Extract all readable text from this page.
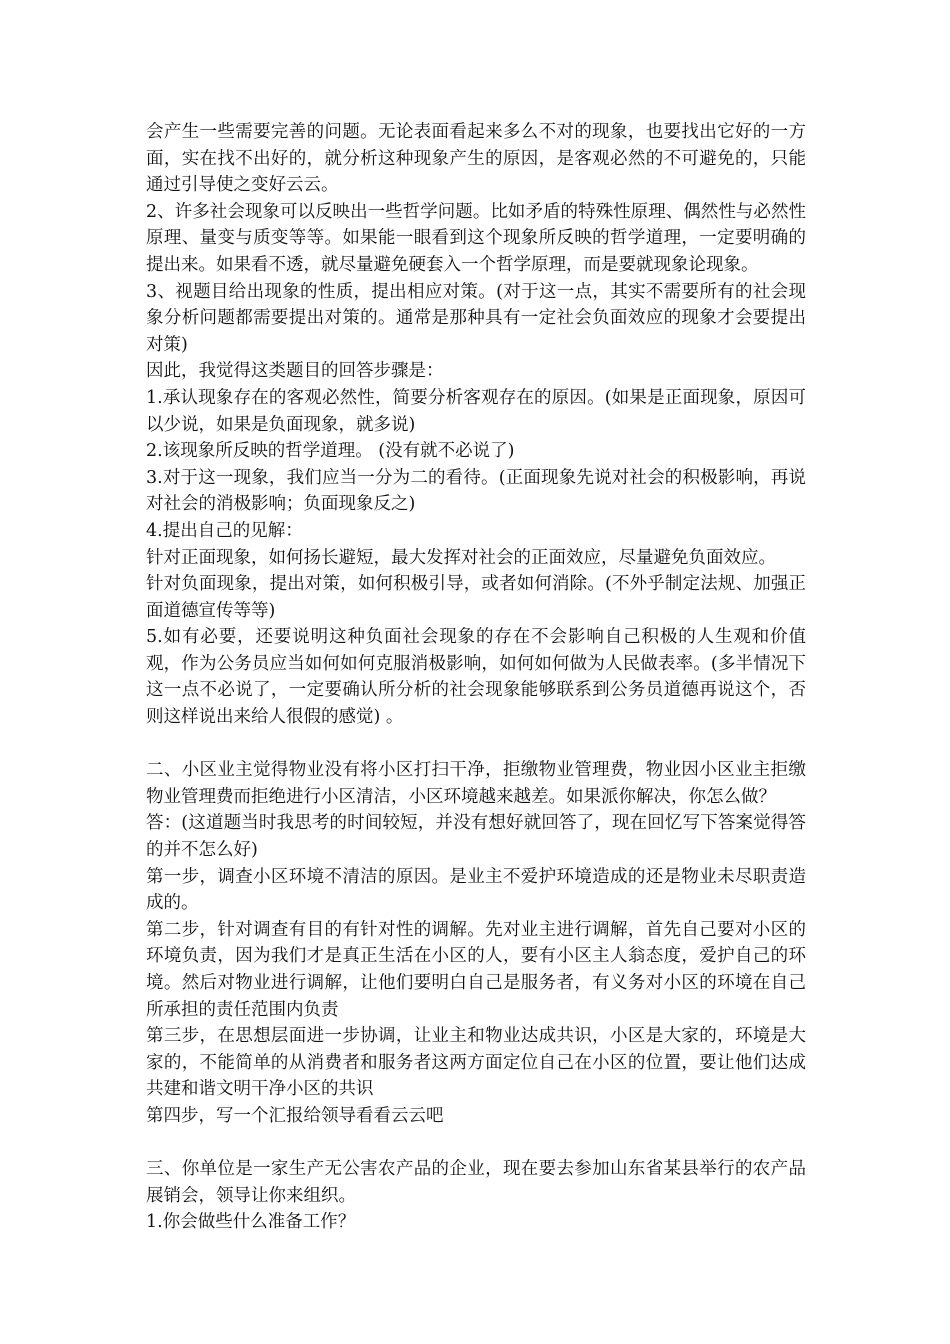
会产生一些需要完善的问题。无论表面看起来多么不对的现象，也要找出它好的一方面，实在找不出好的，就分析这种现象产生的原因，是客观必然的不可避免的，只能通过引导使之变好云云。

2、许多社会现象可以反映出一些哲学问题。比如矛盾的特殊性原理、偶然性与必然性原理、量变与质变等等。如果能一眼看到这个现象所反映的哲学道理，一定要明确的提出来。如果看不透，就尽量避免硬套入一个哲学原理，而是要就现象论现象。

3、视题目给出现象的性质，提出相应对策。(对于这一点，其实不需要所有的社会现象分析问题都需要提出对策的。通常是那种具有一定社会负面效应的现象才会要提出对策)

因此，我觉得这类题目的回答步骤是：

1.承认现象存在的客观必然性，简要分析客观存在的原因。(如果是正面现象，原因可以少说，如果是负面现象，就多说)

2.该现象所反映的哲学道理。 (没有就不必说了)

3.对于这一现象，我们应当一分为二的看待。(正面现象先说对社会的积极影响，再说对社会的消极影响；负面现象反之)

4.提出自己的见解：

针对正面现象，如何扬长避短，最大发挥对社会的正面效应，尽量避免负面效应。

针对负面现象，提出对策，如何积极引导，或者如何消除。(不外乎制定法规、加强正面道德宣传等等)

5.如有必要，还要说明这种负面社会现象的存在不会影响自己积极的人生观和价值观，作为公务员应当如何如何克服消极影响，如何如何做为人民做表率。(多半情况下这一点不必说了，一定要确认所分析的社会现象能够联系到公务员道德再说这个，否则这样说出来给人很假的感觉) 。

二、小区业主觉得物业没有将小区打扫干净，拒缴物业管理费，物业因小区业主拒缴物业管理费而拒绝进行小区清洁，小区环境越来越差。如果派你解决，你怎么做？

答：(这道题当时我思考的时间较短，并没有想好就回答了，现在回忆写下答案觉得答的并不怎么好)

第一步，调查小区环境不清洁的原因。是业主不爱护环境造成的还是物业未尽职责造成的。

第二步，针对调查有目的有针对性的调解。先对业主进行调解，首先自己要对小区的环境负责，因为我们才是真正生活在小区的人，要有小区主人翁态度，爱护自己的环境。然后对物业进行调解，让他们要明白自己是服务者，有义务对小区的环境在自己所承担的责任范围内负责

第三步，在思想层面进一步协调，让业主和物业达成共识，小区是大家的，环境是大家的，不能简单的从消费者和服务者这两方面定位自己在小区的位置，要让他们达成共建和谐文明干净小区的共识

第四步，写一个汇报给领导看看云云吧

三、你单位是一家生产无公害农产品的企业，现在要去参加山东省某县举行的农产品展销会，领导让你来组织。

1.你会做些什么准备工作？
